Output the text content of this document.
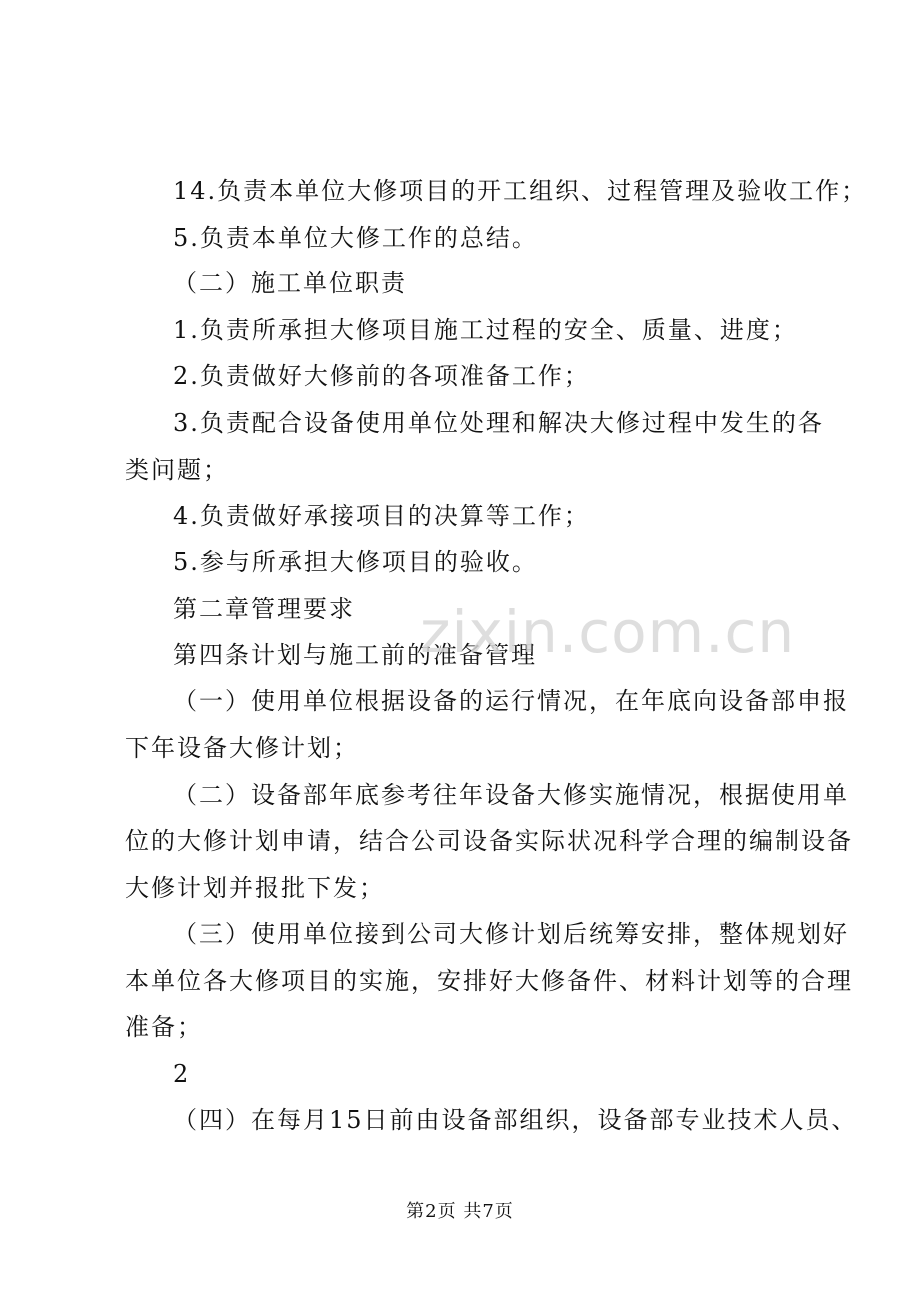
14.负责本单位大修项目的开工组织、过程管理及验收工作；
5.负责本单位大修工作的总结。
（二）施工单位职责
1.负责所承担大修项目施工过程的安全、质量、进度；
2.负责做好大修前的各项准备工作；
3.负责配合设备使用单位处理和解决大修过程中发生的各
类问题；
4.负责做好承接项目的决算等工作；
5.参与所承担大修项目的验收。
第二章管理要求
第四条计划与施工前的准备管理
（一）使用单位根据设备的运行情况，在年底向设备部申报
下年设备大修计划；
（二）设备部年底参考往年设备大修实施情况，根据使用单
位的大修计划申请，结合公司设备实际状况科学合理的编制设备
大修计划并报批下发；
（三）使用单位接到公司大修计划后统筹安排，整体规划好
本单位各大修项目的实施，安排好大修备件、材料计划等的合理
准备；
2
（四）在每月15日前由设备部组织，设备部专业技术人员、
zixin.com.cn
第2页 共7页
